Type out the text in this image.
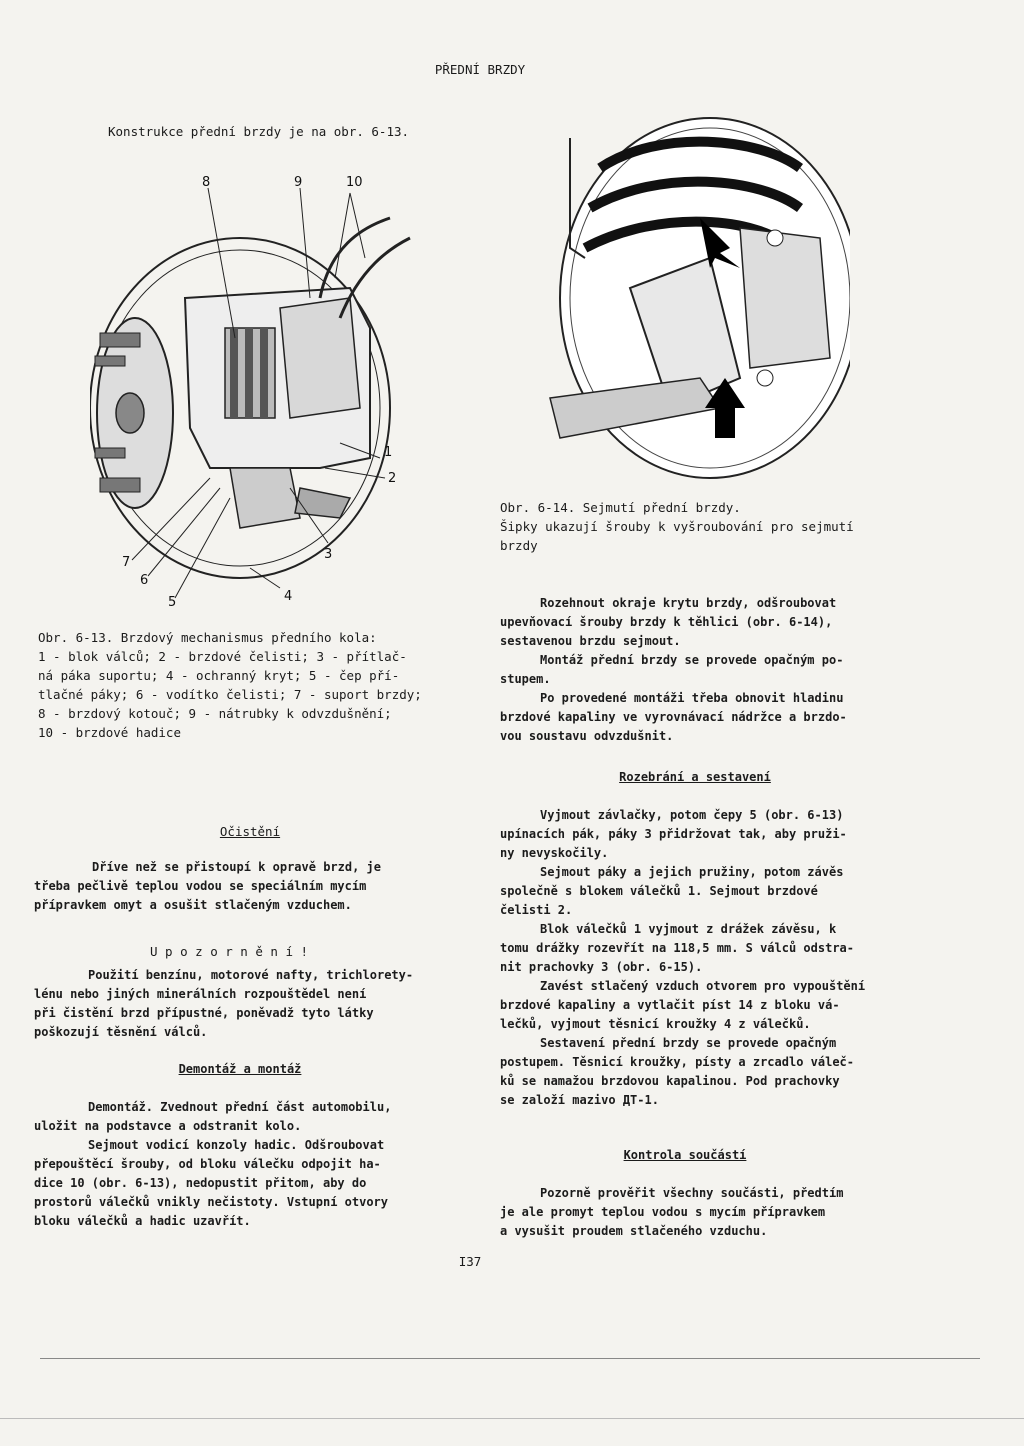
PŘEDNÍ BRZDY
Konstrukce přední brzdy je na obr. 6-13.
8	9	10
1
2
3
7
6
5	4
Obr. 6-13. Brzdový mechanismus předního kola:
1 - blok válců; 2 - brzdové čelisti; 3 - přítlač-
ná páka suportu; 4 - ochranný kryt; 5 - čep pří-
tlačné páky; 6 - vodítko čelisti; 7 - suport brzdy;
8 - brzdový kotouč; 9 - nátrubky k odvzdušnění;
10 - brzdové hadice
Očistění
Dříve než se přistoupí k opravě brzd, je
třeba pečlivě teplou vodou se speciálním mycím
přípravkem omyt a osušit stlačeným vzduchem.
U p o z o r n ě n í !
Použití benzínu, motorové nafty, trichlorety-
lénu nebo jiných minerálních rozpouštědel není
při čistění brzd přípustné, poněvadž tyto látky
poškozují těsnění válců.
Demontáž a montáž
Demontáž. Zvednout přední část automobilu,
uložit na podstavce a odstranit kolo.
Sejmout vodicí konzoly hadic. Odšroubovat
přepouštěcí šrouby, od bloku válečku odpojit ha-
dice 10 (obr. 6-13), nedopustit přitom, aby do
prostorů válečků vnikly nečistoty. Vstupní otvory
bloku válečků a hadic uzavřít.
Obr. 6-14. Sejmutí přední brzdy.
Šipky ukazují šrouby k vyšroubování pro sejmutí
brzdy
Rozehnout okraje krytu brzdy, odšroubovat
upevňovací šrouby brzdy k těhlici (obr. 6-14),
sestavenou brzdu sejmout.
Montáž přední brzdy se provede opačným po-
stupem.
Po provedené montáži třeba obnovit hladinu
brzdové kapaliny ve vyrovnávací nádržce a brzdo-
vou soustavu odvzdušnit.
Rozebrání a sestavení
Vyjmout závlačky, potom čepy 5 (obr. 6-13)
upínacích pák, páky 3 přidržovat tak, aby pruži-
ny nevyskočily.
Sejmout páky a jejich pružiny, potom závěs
společně s blokem válečků 1. Sejmout brzdové
čelisti 2.
Blok válečků 1 vyjmout z drážek závěsu, k
tomu drážky rozevřít na 118,5 mm. S válců odstra-
nit prachovky 3 (obr. 6-15).
Zavést stlačený vzduch otvorem pro vypouštění
brzdové kapaliny a vytlačit píst 14 z bloku vá-
lečků, vyjmout těsnicí kroužky 4 z válečků.
Sestavení přední brzdy se provede opačným
postupem. Těsnicí kroužky, písty a zrcadlo váleč-
ků se namažou brzdovou kapalinou. Pod prachovky
se založí mazivo ДТ-1.
Kontrola součástí
Pozorně prověřit všechny součásti, předtím
je ale promyt teplou vodou s mycím přípravkem
a vysušit proudem stlačeného vzduchu.
I37
